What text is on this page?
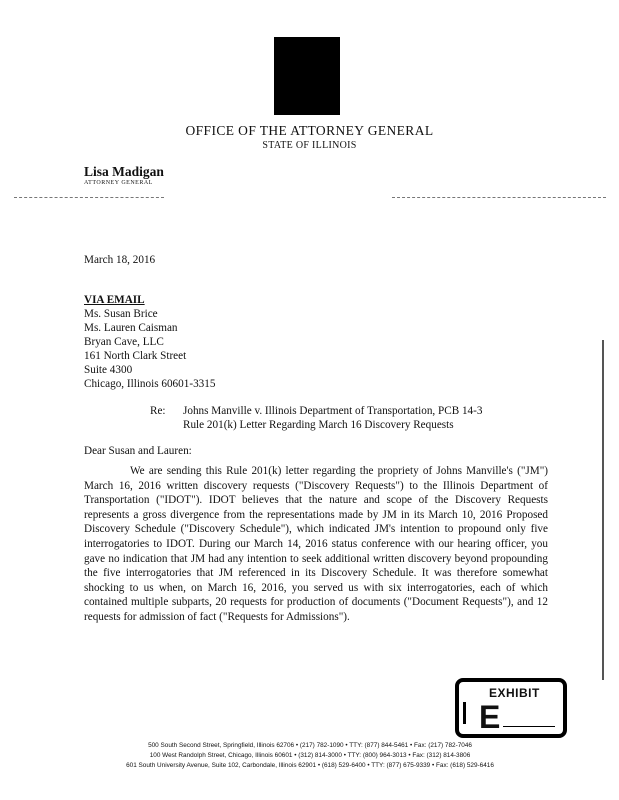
OFFICE OF THE ATTORNEY GENERAL
STATE OF ILLINOIS
Lisa Madigan
ATTORNEY GENERAL
March 18, 2016
VIA EMAIL

Ms. Susan Brice

Ms. Lauren Caisman

Bryan Cave, LLC

161 North Clark Street

Suite 4300

Chicago, Illinois 60601-3315

Re: Johns Manville v. Illinois Department of Transportation, PCB 14-3

Rule 201(k) Letter Regarding March 16 Discovery Requests

Dear Susan and Lauren:
We are sending this Rule 201(k) letter regarding the propriety of Johns Manville's ("JM") March 16, 2016 written discovery requests ("Discovery Requests") to the Illinois Department of Transportation ("IDOT"). IDOT believes that the nature and scope of the Discovery Requests represents a gross divergence from the representations made by JM in its March 10, 2016 Proposed Discovery Schedule ("Discovery Schedule"), which indicated JM's intention to propound only five interrogatories to IDOT. During our March 14, 2016 status conference with our hearing officer, you gave no indication that JM had any intention to seek additional written discovery beyond propounding the five interrogatories that JM referenced in its Discovery Schedule. It was therefore somewhat shocking to us when, on March 16, 2016, you served us with six interrogatories, each of which contained multiple subparts, 20 requests for production of documents ("Document Requests"), and 12 requests for admission of fact ("Requests for Admissions").
EXHIBIT
E

500 South Second Street, Springfield, Illinois 62706 • (217) 782-1090 • TTY: (877) 844-5461 • Fax: (217) 782-7046

100 West Randolph Street, Chicago, Illinois 60601 • (312) 814-3000 • TTY: (800) 964-3013 • Fax: (312) 814-3806

601 South University Avenue, Suite 102, Carbondale, Illinois 62901 • (618) 529-6400 • TTY: (877) 675-9339 • Fax: (618) 529-6416
